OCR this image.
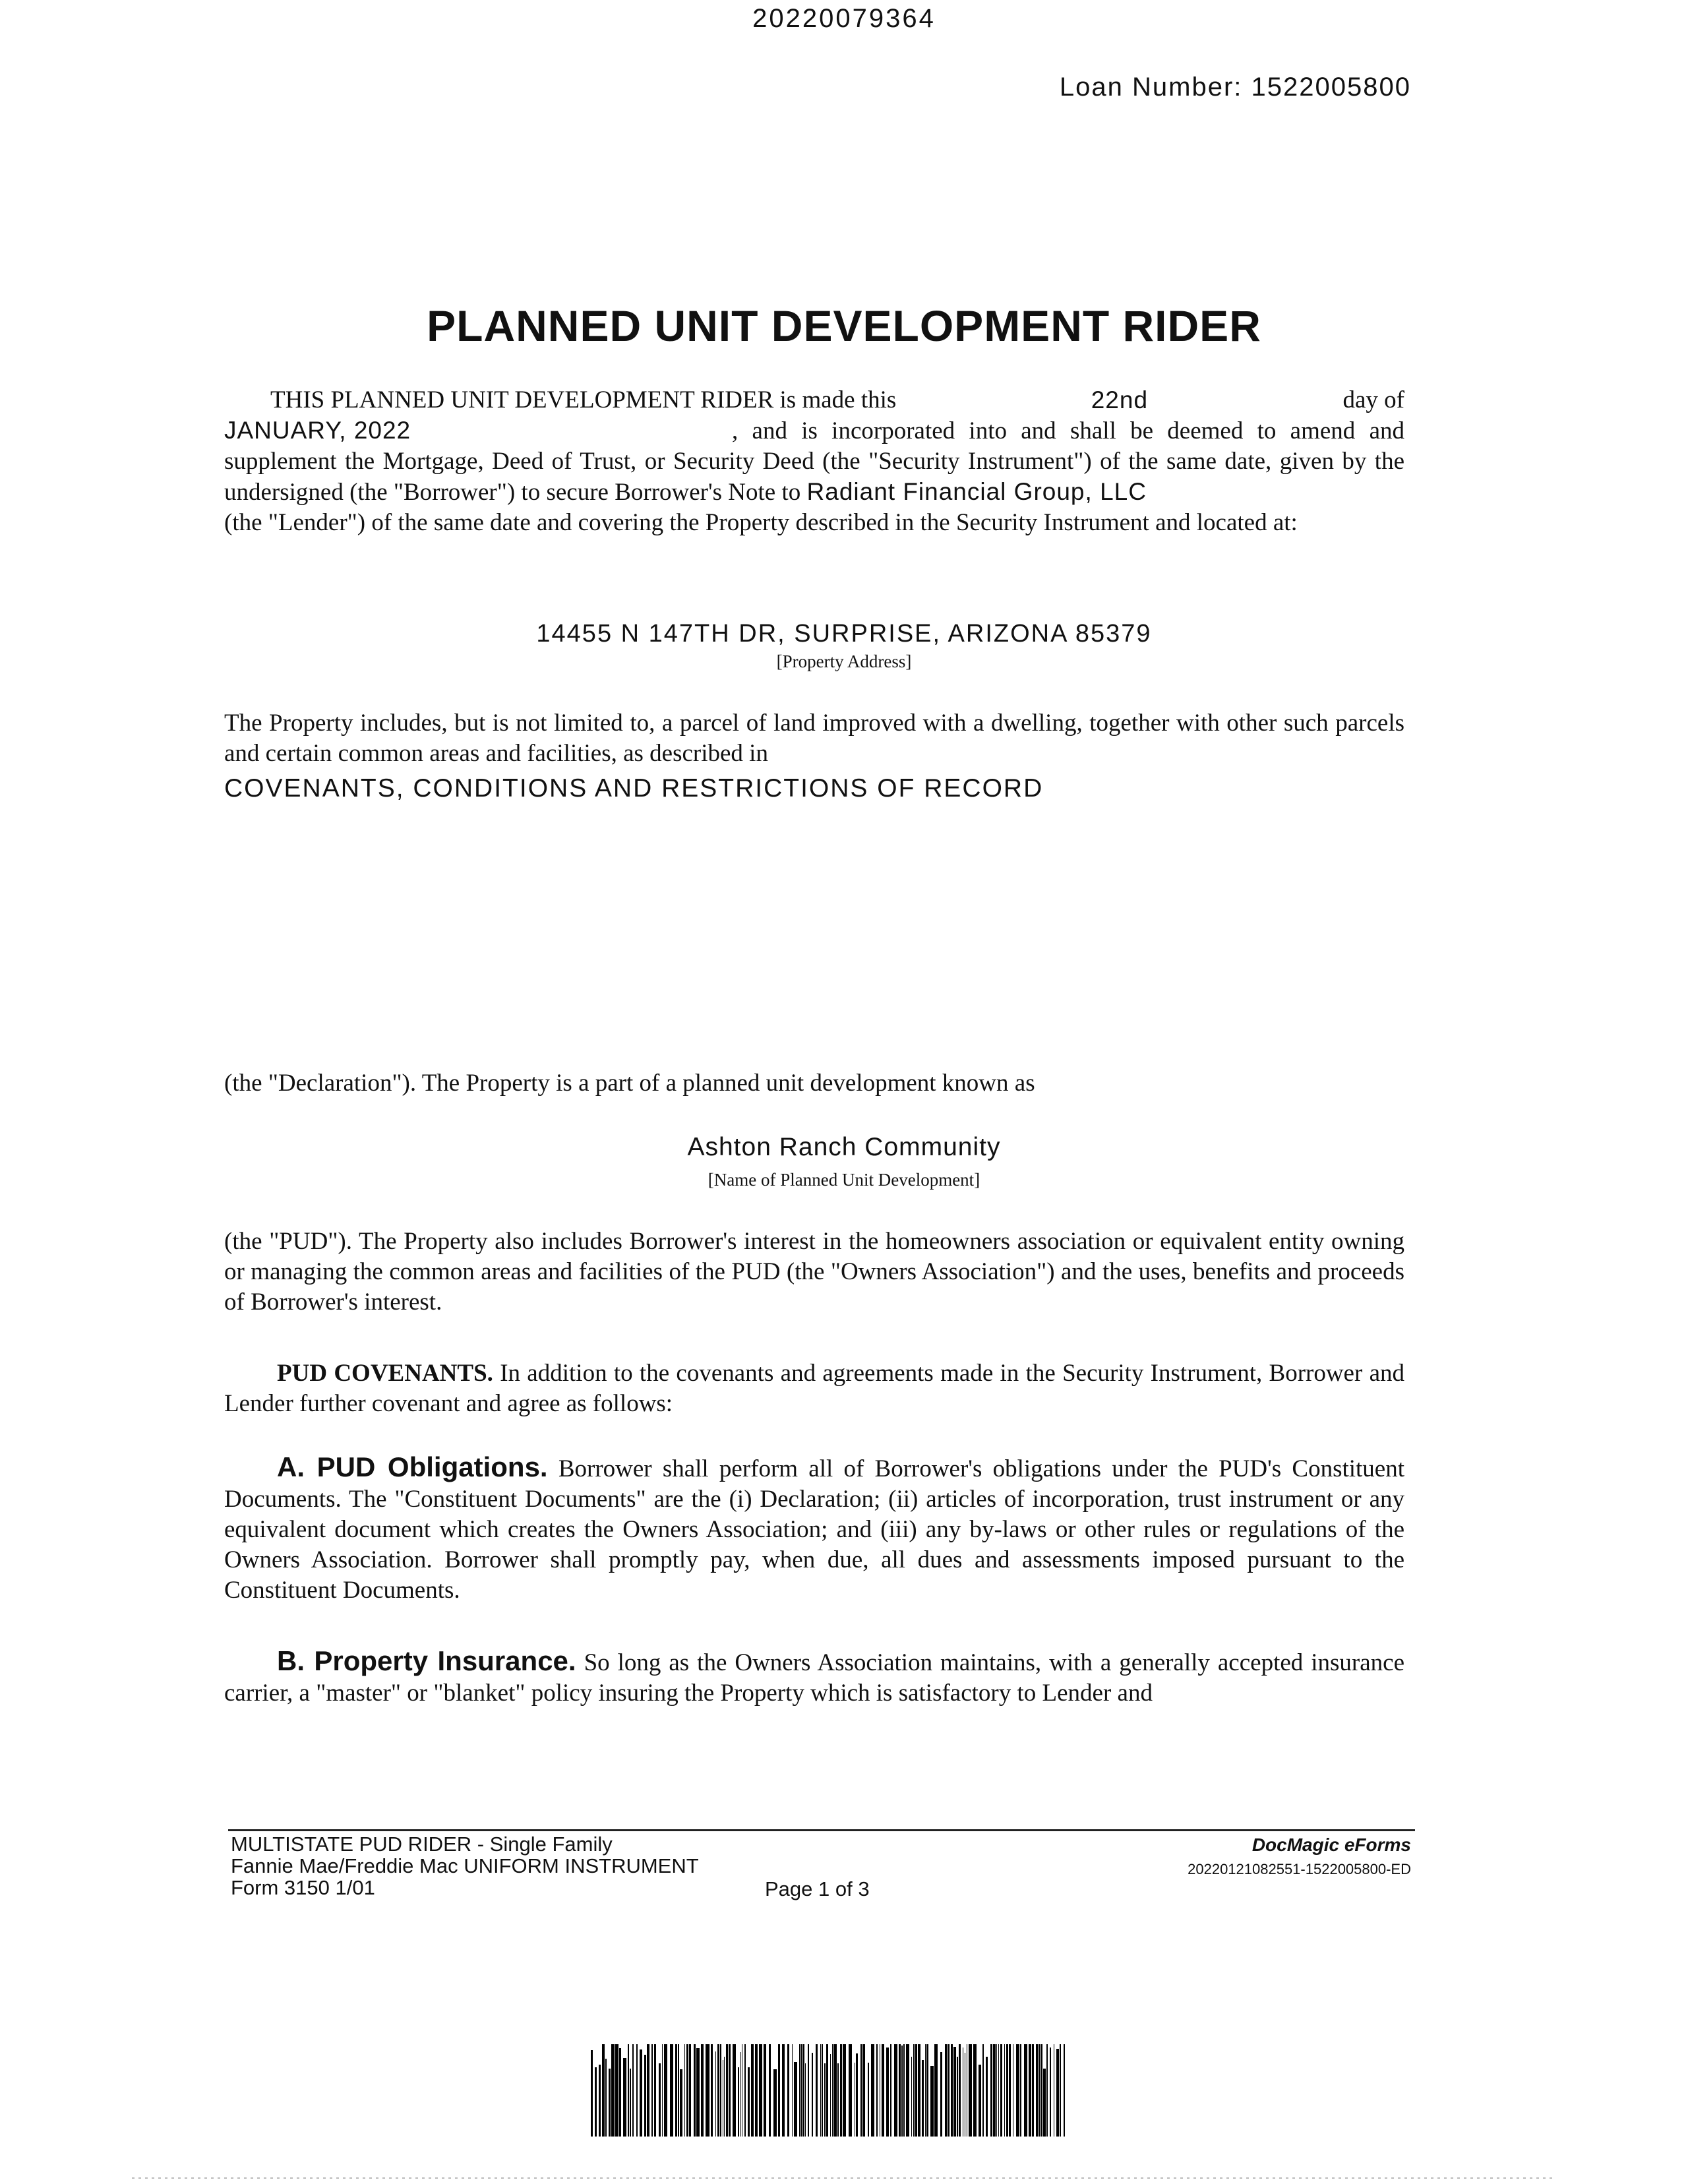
20220079364
Loan Number: 1522005800
PLANNED UNIT DEVELOPMENT RIDER
THIS PLANNED UNIT DEVELOPMENT RIDER is made this	22nd	day of
JANUARY, 2022	, and is incorporated into and shall be deemed to amend and supplement the Mortgage, Deed of Trust, or Security Deed (the "Security Instrument") of the same date, given by the undersigned (the "Borrower") to secure Borrower's Note to Radiant Financial Group, LLC
(the "Lender") of the same date and covering the Property described in the Security Instrument and located at:
14455 N 147TH DR, SURPRISE, ARIZONA 85379
[Property Address]
The Property includes, but is not limited to, a parcel of land improved with a dwelling, together with other such parcels and certain common areas and facilities, as described in
COVENANTS, CONDITIONS AND RESTRICTIONS OF RECORD
(the "Declaration"). The Property is a part of a planned unit development known as
Ashton Ranch Community
[Name of Planned Unit Development]
(the "PUD"). The Property also includes Borrower's interest in the homeowners association or equivalent entity owning or managing the common areas and facilities of the PUD (the "Owners Association") and the uses, benefits and proceeds of Borrower's interest.
PUD COVENANTS. In addition to the covenants and agreements made in the Security Instrument, Borrower and Lender further covenant and agree as follows:
A. PUD Obligations. Borrower shall perform all of Borrower's obligations under the PUD's Constituent Documents. The "Constituent Documents" are the (i) Declaration; (ii) articles of incorporation, trust instrument or any equivalent document which creates the Owners Association; and (iii) any by-laws or other rules or regulations of the Owners Association. Borrower shall promptly pay, when due, all dues and assessments imposed pursuant to the Constituent Documents.
B. Property Insurance. So long as the Owners Association maintains, with a generally accepted insurance carrier, a "master" or "blanket" policy insuring the Property which is satisfactory to Lender and
MULTISTATE PUD RIDER - Single Family
Fannie Mae/Freddie Mac UNIFORM INSTRUMENT
Form 3150 1/01	Page 1 of 3
DocMagic eForms
20220121082551-1522005800-ED
